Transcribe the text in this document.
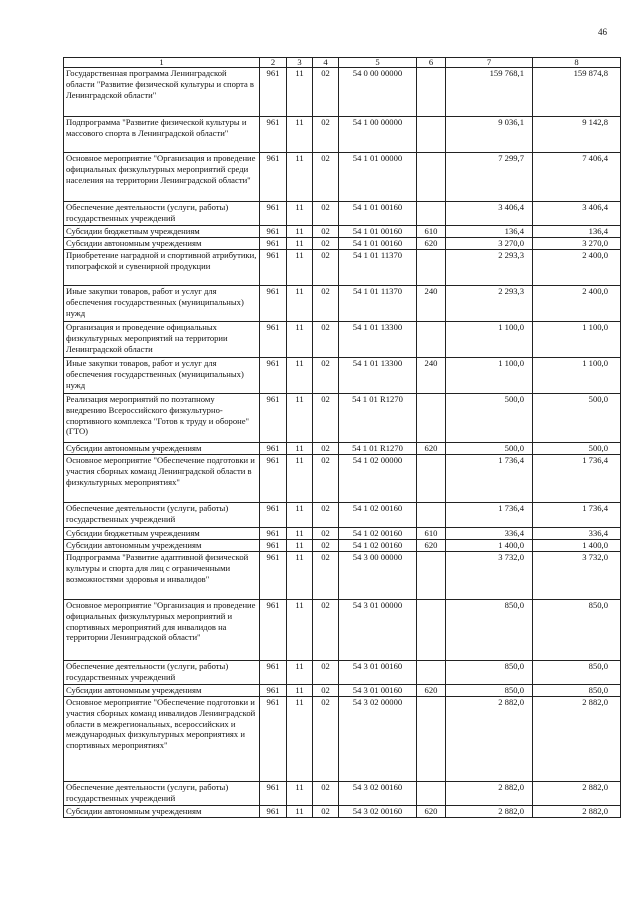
46
1	2	3	4	5	6	7	8
Государственная программа Ленинградской области "Развитие физической культуры и спорта в Ленинградской области"	961	11	02	54 0 00 00000		159 768,1	159 874,8
Подпрограмма "Развитие физической культуры и массового спорта в Ленинградской области"	961	11	02	54 1 00 00000		9 036,1	9 142,8
Основное мероприятие "Организация и проведение официальных физкультурных мероприятий среди населения на территории Ленинградской области"	961	11	02	54 1 01 00000		7 299,7	7 406,4
Обеспечение деятельности (услуги, работы) государственных учреждений	961	11	02	54 1 01 00160		3 406,4	3 406,4
Субсидии бюджетным учреждениям	961	11	02	54 1 01 00160	610	136,4	136,4
Субсидии автономным учреждениям	961	11	02	54 1 01 00160	620	3 270,0	3 270,0
Приобретение наградной и спортивной атрибутики, типографской и сувенирной продукции	961	11	02	54 1 01 11370		2 293,3	2 400,0
Иные закупки товаров, работ и услуг для обеспечения государственных (муниципальных) нужд	961	11	02	54 1 01 11370	240	2 293,3	2 400,0
Организация и проведение официальных физкультурных мероприятий на территории Ленинградской области	961	11	02	54 1 01 13300		1 100,0	1 100,0
Иные закупки товаров, работ и услуг для обеспечения государственных (муниципальных) нужд	961	11	02	54 1 01 13300	240	1 100,0	1 100,0
Реализация мероприятий по поэтапному внедрению Всероссийского физкультурно-спортивного комплекса "Готов к труду и обороне" (ГТО)	961	11	02	54 1 01 R1270		500,0	500,0
Субсидии автономным учреждениям	961	11	02	54 1 01 R1270	620	500,0	500,0
Основное мероприятие "Обеспечение подготовки и участия сборных команд Ленинградской области в физкультурных мероприятиях"	961	11	02	54 1 02 00000		1 736,4	1 736,4
Обеспечение деятельности (услуги, работы) государственных учреждений	961	11	02	54 1 02 00160		1 736,4	1 736,4
Субсидии бюджетным учреждениям	961	11	02	54 1 02 00160	610	336,4	336,4
Субсидии автономным учреждениям	961	11	02	54 1 02 00160	620	1 400,0	1 400,0
Подпрограмма "Развитие адаптивной физической культуры и спорта для лиц с ограниченными возможностями здоровья и инвалидов"	961	11	02	54 3 00 00000		3 732,0	3 732,0
Основное мероприятие "Организация и проведение официальных физкультурных мероприятий и спортивных мероприятий для инвалидов на территории Ленинградской области"	961	11	02	54 3 01 00000		850,0	850,0
Обеспечение деятельности (услуги, работы) государственных учреждений	961	11	02	54 3 01 00160		850,0	850,0
Субсидии автономным учреждениям	961	11	02	54 3 01 00160	620	850,0	850,0
Основное мероприятие "Обеспечение подготовки и участия сборных команд инвалидов Ленинградской области в межрегиональных, всероссийских и международных физкультурных мероприятиях и спортивных мероприятиях"	961	11	02	54 3 02 00000		2 882,0	2 882,0
Обеспечение деятельности (услуги, работы) государственных учреждений	961	11	02	54 3 02 00160		2 882,0	2 882,0
Субсидии автономным учреждениям	961	11	02	54 3 02 00160	620	2 882,0	2 882,0
